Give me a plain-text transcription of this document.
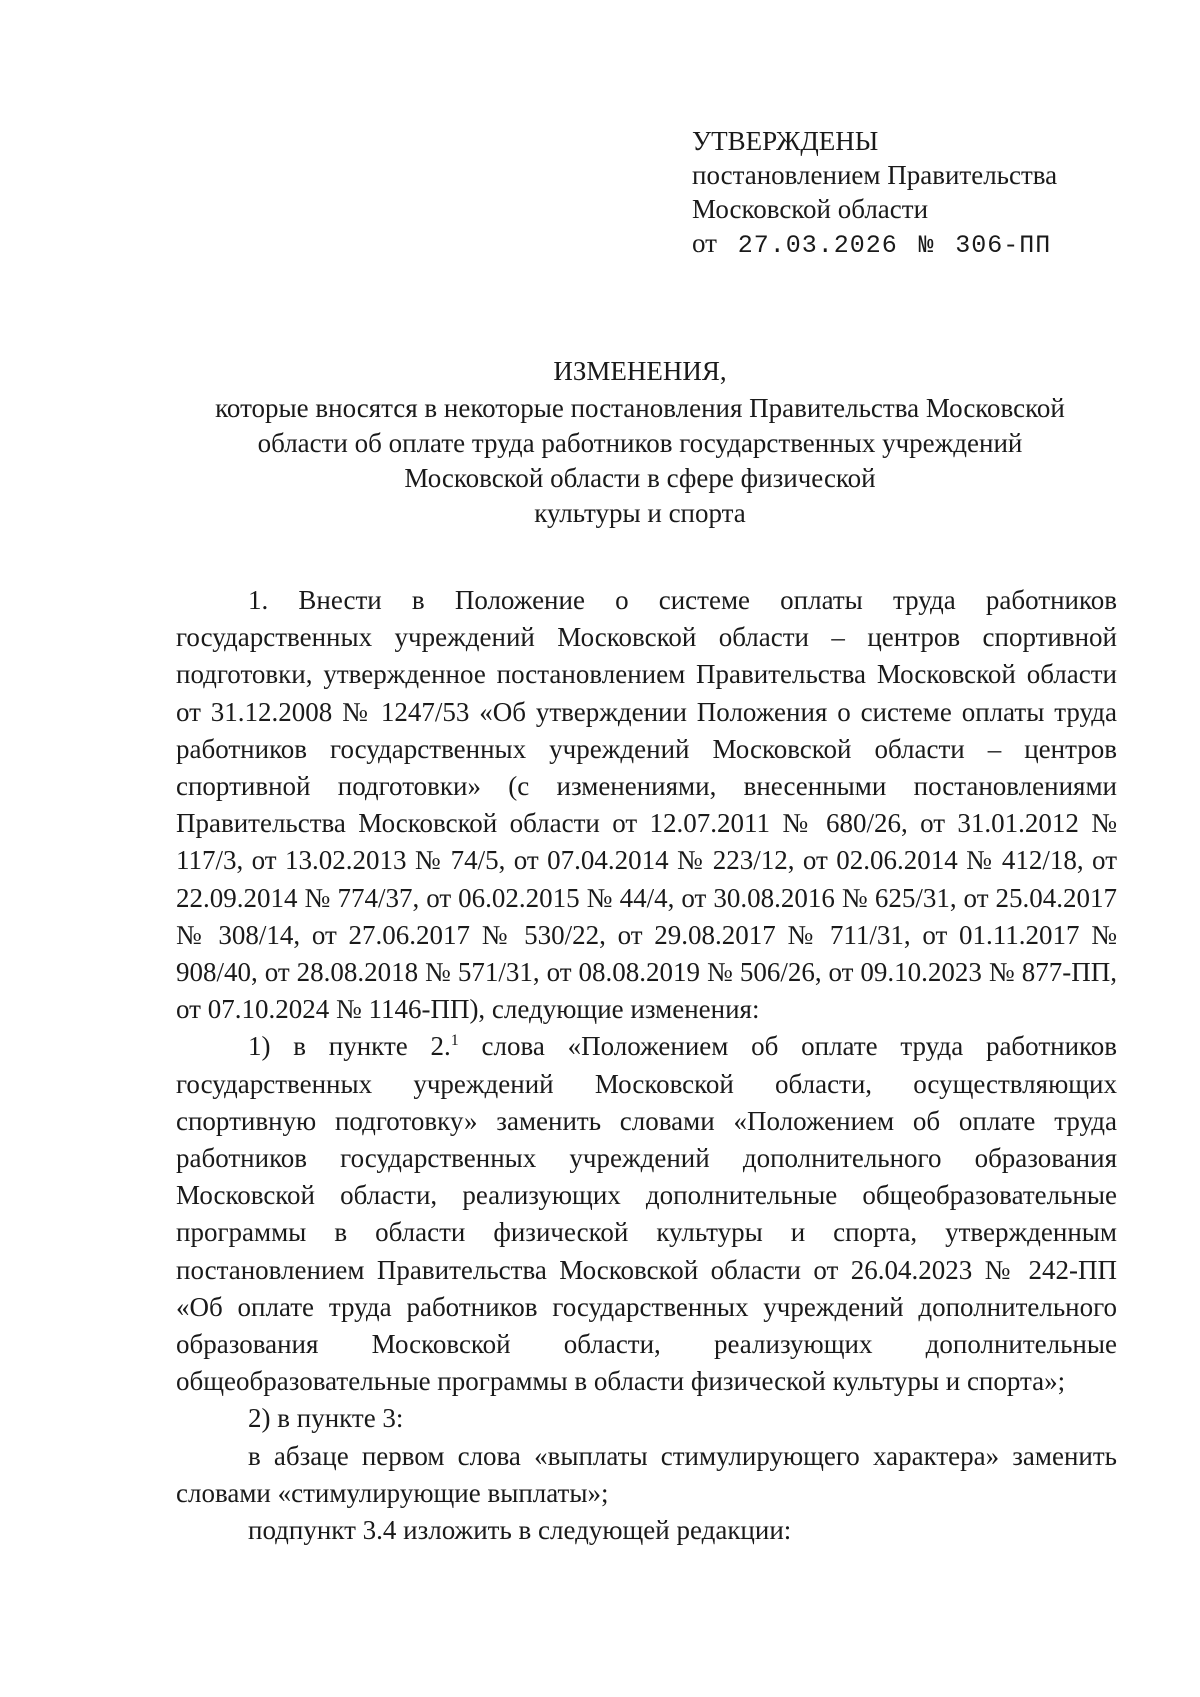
УТВЕРЖДЕНЫ
постановлением Правительства
Московской области
от 27.03.2026 № 306-ПП
ИЗМЕНЕНИЯ,
которые вносятся в некоторые постановления Правительства Московской
области об оплате труда работников государственных учреждений
Московской области в сфере физической
культуры и спорта

1. Внести в Положение о системе оплаты труда работников государственных учреждений Московской области – центров спортивной подготовки, утвержденное постановлением Правительства Московской области от 31.12.2008 № 1247/53 «Об утверждении Положения о системе оплаты труда работников государственных учреждений Московской области – центров спортивной подготовки» (с изменениями, внесенными постановлениями Правительства Московской области от 12.07.2011 № 680/26, от 31.01.2012 № 117/3, от 13.02.2013 № 74/5, от 07.04.2014 № 223/12, от 02.06.2014 № 412/18, от 22.09.2014 № 774/37, от 06.02.2015 № 44/4, от 30.08.2016 № 625/31, от 25.04.2017 № 308/14, от 27.06.2017 № 530/22, от 29.08.2017 № 711/31, от 01.11.2017 № 908/40, от 28.08.2018 № 571/31, от 08.08.2019 № 506/26, от 09.10.2023 № 877-ПП, от 07.10.2024 № 1146-ПП), следующие изменения:

1) в пункте 2.$^1$ слова «Положением об оплате труда работников государственных учреждений Московской области, осуществляющих спортивную подготовку» заменить словами «Положением об оплате труда работников государственных учреждений дополнительного образования Московской области, реализующих дополнительные общеобразовательные программы в области физической культуры и спорта, утвержденным постановлением Правительства Московской области от 26.04.2023 № 242-ПП «Об оплате труда работников государственных учреждений дополнительного образования Московской области, реализующих дополнительные общеобразовательные программы в области физической культуры и спорта»;

2) в пункте 3:

в абзаце первом слова «выплаты стимулирующего характера» заменить словами «стимулирующие выплаты»;

подпункт 3.4 изложить в следующей редакции:
